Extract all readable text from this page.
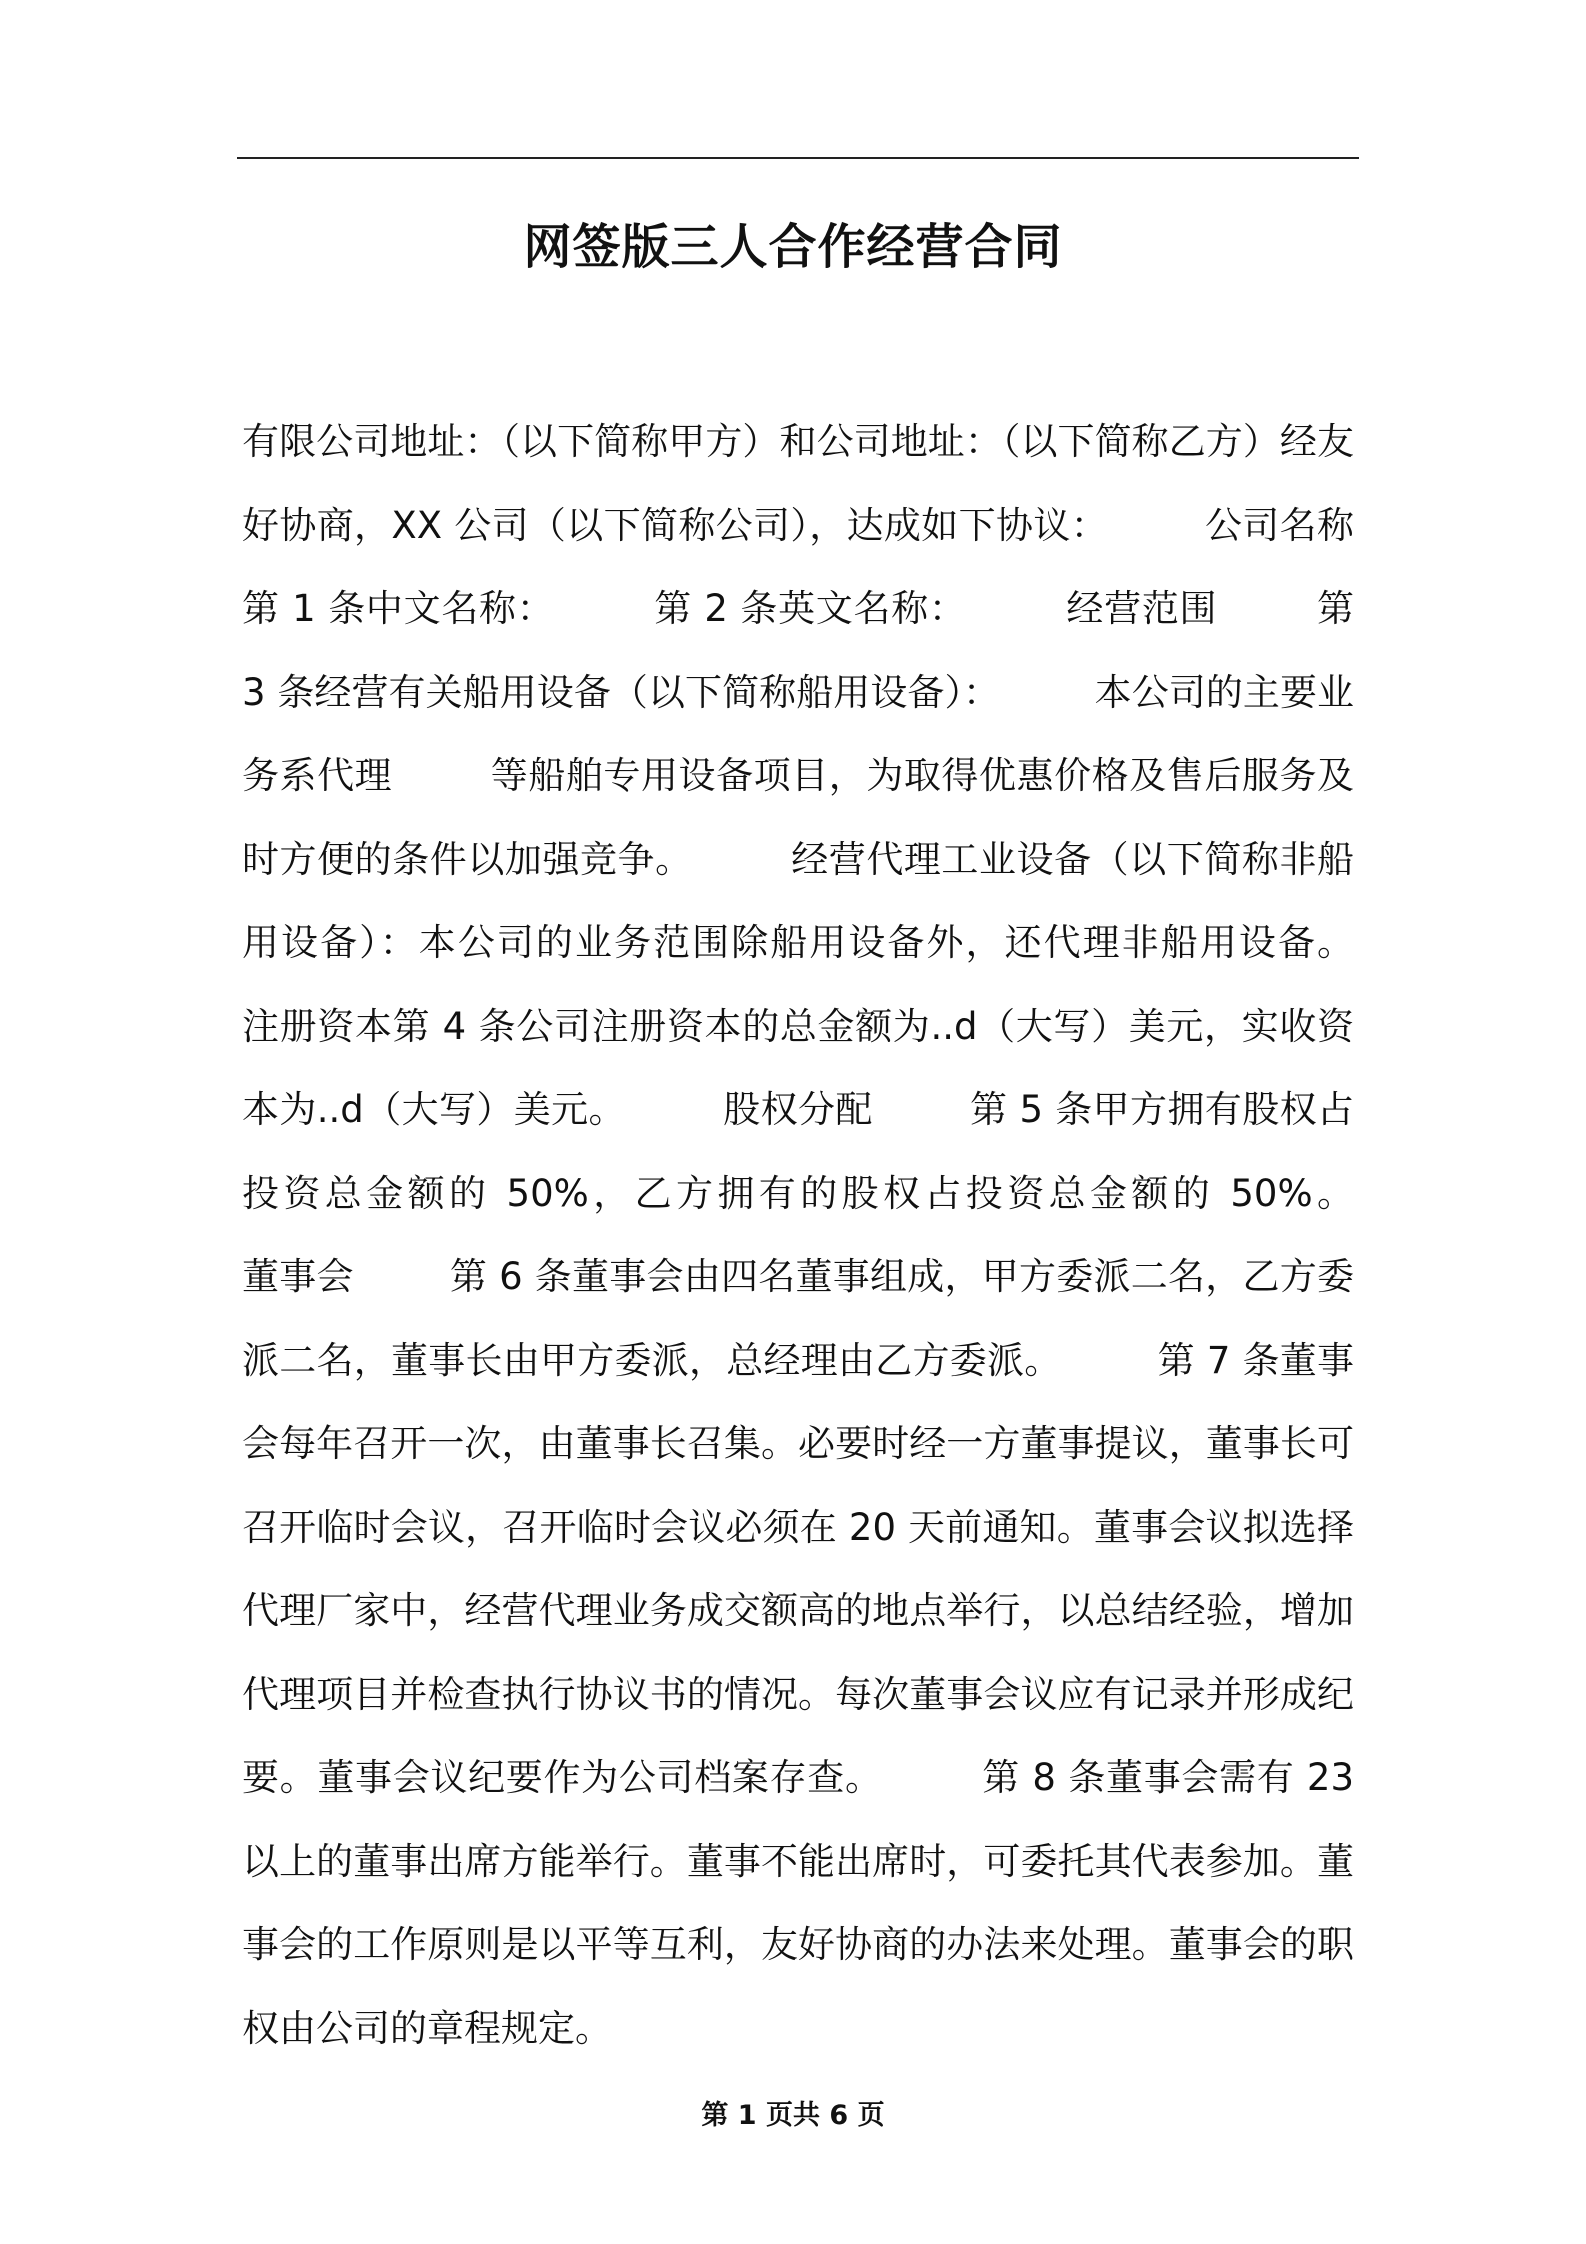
网签版三人合作经营合同
有限公司地址：（以下简称甲方）和公司地址：（以下简称乙方）经友好协商，XX 公司（以下简称公司），达成如下协议：        公司名称第 1 条中文名称：        第 2 条英文名称：        经营范围        第 3 条经营有关船用设备（以下简称船用设备）：        本公司的主要业务系代理        等船舶专用设备项目，为取得优惠价格及售后服务及时方便的条件以加强竞争。        经营代理工业设备（以下简称非船用设备）：本公司的业务范围除船用设备外，还代理非船用设备。        注册资本第 4 条公司注册资本的总金额为..d（大写）美元，实收资本为..d（大写）美元。        股权分配        第 5 条甲方拥有股权占投资总金额的 50%，乙方拥有的股权占投资总金额的 50%。        董事会        第 6 条董事会由四名董事组成，甲方委派二名，乙方委派二名，董事长由甲方委派，总经理由乙方委派。        第 7 条董事会每年召开一次，由董事长召集。必要时经一方董事提议，董事长可召开临时会议，召开临时会议必须在 20 天前通知。董事会议拟选择代理厂家中，经营代理业务成交额高的地点举行，以总结经验，增加代理项目并检查执行协议书的情况。每次董事会议应有记录并形成纪要。董事会议纪要作为公司档案存查。        第 8 条董事会需有 23 以上的董事出席方能举行。董事不能出席时，可委托其代表参加。董事会的工作原则是以平等互利，友好协商的办法来处理。董事会的职权由公司的章程规定。
第 1 页共 6 页
